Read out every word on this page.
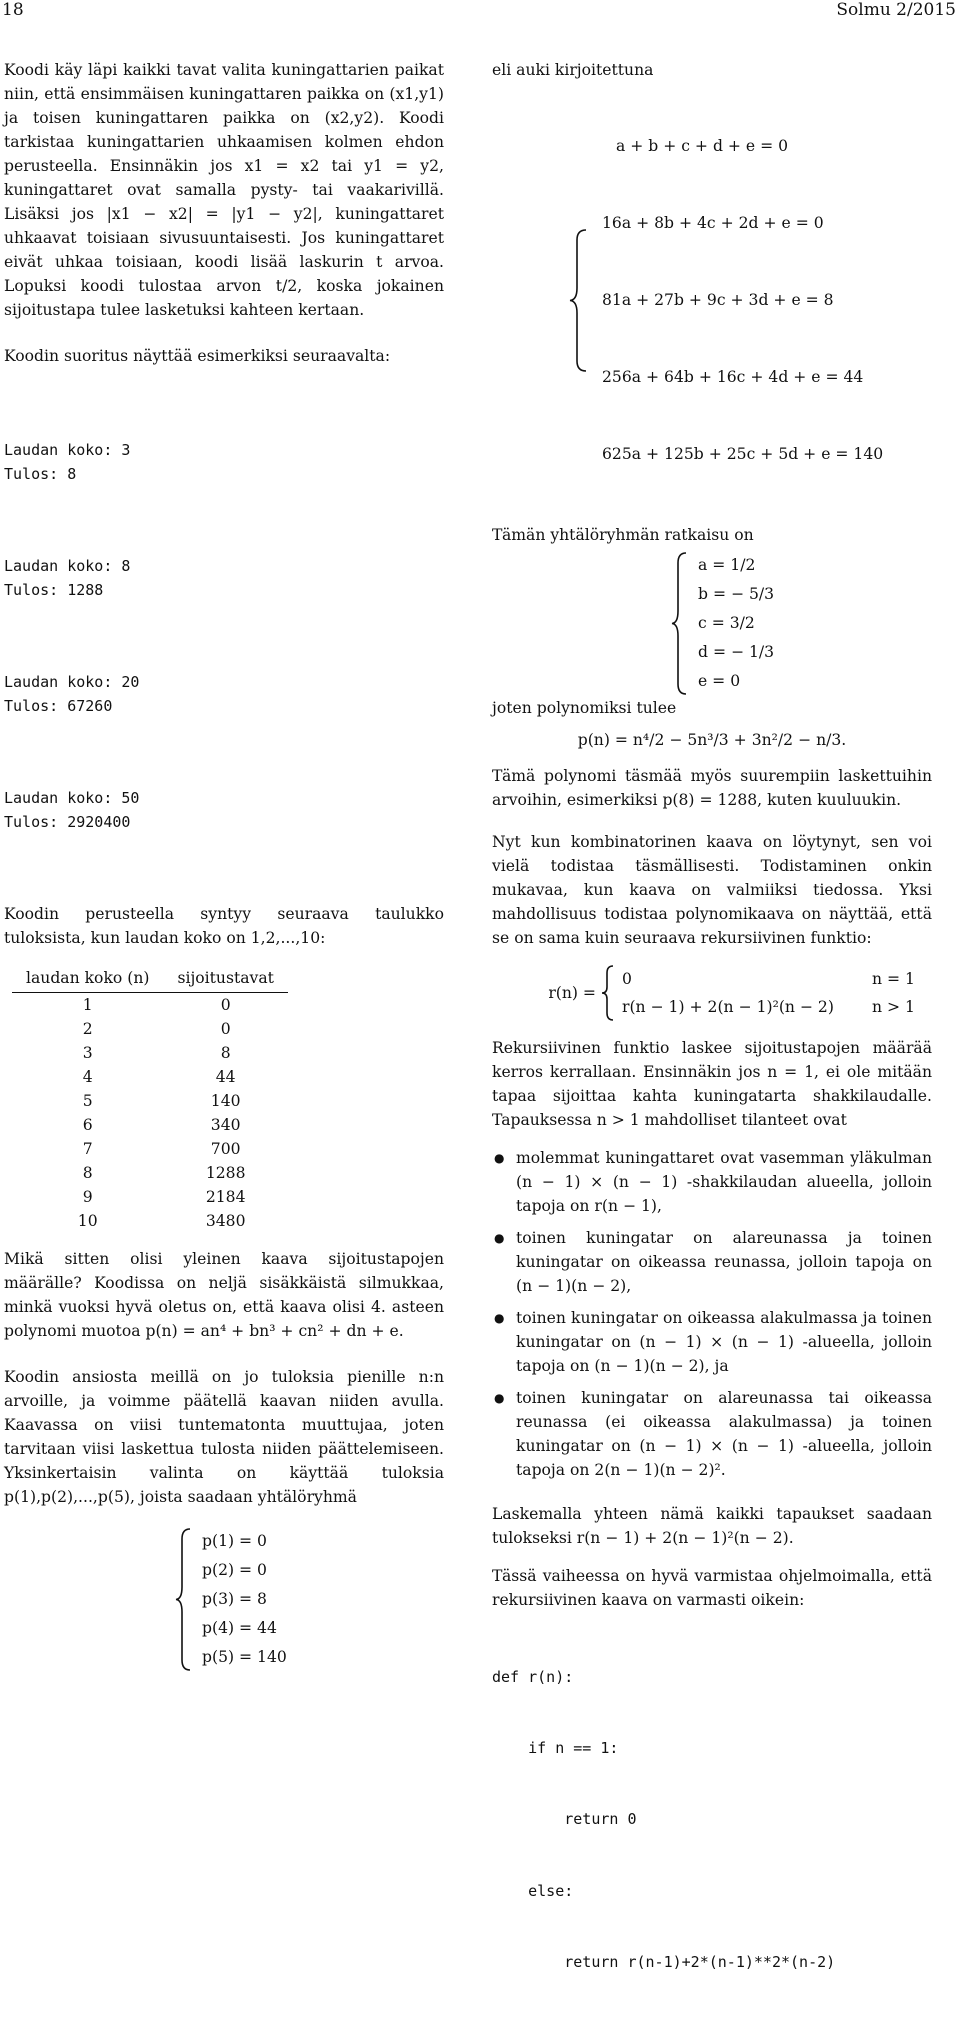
18	Solmu 2/2015

Koodi käy läpi kaikki tavat valita kuningattarien paikat niin, että ensimmäisen kuningattaren paikka on (x1,y1) ja toisen kuningattaren paikka on (x2,y2). Koodi tarkistaa kuningattarien uhkaamisen kolmen ehdon perusteella. Ensinnäkin jos x1 = x2 tai y1 = y2, kuningattaret ovat samalla pysty- tai vaakarivillä. Lisäksi jos |x1 − x2| = |y1 − y2|, kuningattaret uhkaavat toisiaan sivusuuntaisesti. Jos kuningattaret eivät uhkaa toisiaan, koodi lisää laskurin t arvoa. Lopuksi koodi tulostaa arvon t/2, koska jokainen sijoitustapa tulee lasketuksi kahteen kertaan.

Koodin suoritus näyttää esimerkiksi seuraavalta:

Laudan koko: 3
Tulos: 8

Laudan koko: 8
Tulos: 1288

Laudan koko: 20
Tulos: 67260

Laudan koko: 50
Tulos: 2920400

Koodin perusteella syntyy seuraava taulukko tuloksista, kun laudan koko on 1,2,...,10:

laudan koko (n)	sijoitustavat
1	0
2	0
3	8
4	44
5	140
6	340
7	700
8	1288
9	2184
10	3480

Mikä sitten olisi yleinen kaava sijoitustapojen määrälle? Koodissa on neljä sisäkkäistä silmukkaa, minkä vuoksi hyvä oletus on, että kaava olisi 4. asteen polynomi muotoa p(n) = an⁴ + bn³ + cn² + dn + e.

Koodin ansiosta meillä on jo tuloksia pienille n:n arvoille, ja voimme päätellä kaavan niiden avulla. Kaavassa on viisi tuntematonta muuttujaa, joten tarvitaan viisi laskettua tulosta niiden päättelemiseen. Yksinkertaisin valinta on käyttää tuloksia p(1),p(2),...,p(5), joista saadaan yhtälöryhmä

p(1) = 0
p(2) = 0
p(3) = 8
p(4) = 44
p(5) = 140

eli auki kirjoitettuna

a + b + c + d + e = 0

16a + 8b + 4c + 2d + e = 0

81a + 27b + 9c + 3d + e = 8

256a + 64b + 16c + 4d + e = 44

625a + 125b + 25c + 5d + e = 140

Tämän yhtälöryhmän ratkaisu on

a = 1/2
b = − 5/3
c = 3/2
d = − 1/3
e = 0

joten polynomiksi tulee

p(n) = n⁴/2 − 5n³/3 + 3n²/2 − n/3.

Tämä polynomi täsmää myös suurempiin laskettuihin arvoihin, esimerkiksi p(8) = 1288, kuten kuuluukin.

Nyt kun kombinatorinen kaava on löytynyt, sen voi vielä todistaa täsmällisesti. Todistaminen onkin mukavaa, kun kaava on valmiiksi tiedossa. Yksi mahdollisuus todistaa polynomikaava on näyttää, että se on sama kuin seuraava rekursiivinen funktio:

r(n) =
0	n = 1
r(n − 1) + 2(n − 1)²(n − 2)	n > 1

Rekursiivinen funktio laskee sijoitustapojen määrää kerros kerrallaan. Ensinnäkin jos n = 1, ei ole mitään tapaa sijoittaa kahta kuningatarta shakkilaudalle. Tapauksessa n > 1 mahdolliset tilanteet ovat

● molemmat kuningattaret ovat vasemman yläkulman (n − 1) × (n − 1) -shakkilaudan alueella, jolloin tapoja on r(n − 1),
● toinen kuningatar on alareunassa ja toinen kuningatar on oikeassa reunassa, jolloin tapoja on (n − 1)(n − 2),
● toinen kuningatar on oikeassa alakulmassa ja toinen kuningatar on (n − 1) × (n − 1) -alueella, jolloin tapoja on (n − 1)(n − 2), ja
● toinen kuningatar on alareunassa tai oikeassa reunassa (ei oikeassa alakulmassa) ja toinen kuningatar on (n − 1) × (n − 1) -alueella, jolloin tapoja on 2(n − 1)(n − 2)².

Laskemalla yhteen nämä kaikki tapaukset saadaan tulokseksi r(n − 1) + 2(n − 1)²(n − 2).

Tässä vaiheessa on hyvä varmistaa ohjelmoimalla, että rekursiivinen kaava on varmasti oikein:

def r(n):

if n == 1:

return 0

else:

return r(n-1)+2*(n-1)**2*(n-2)
